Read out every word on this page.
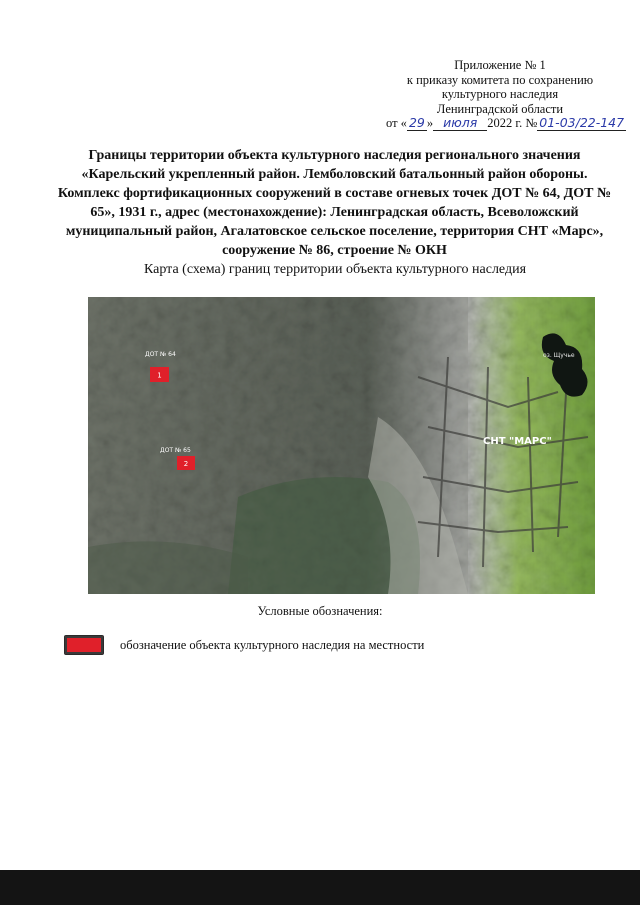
Приложение № 1
к приказу комитета по сохранению
культурного наследия
Ленинградской области
от « 29 » июля 2022 г. № 01-03/22-147
Границы территории объекта культурного наследия регионального значения «Карельский укрепленный район. Лемболовский батальонный район обороны. Комплекс фортификационных сооружений в составе огневых точек ДОТ № 64, ДОТ № 65», 1931 г., адрес (местонахождение): Ленинградская область, Всеволожский муниципальный район, Агалатовское сельское поселение, территория СНТ «Марс», сооружение № 86, строение № ОКН
Карта (схема) границ территории объекта культурного наследия
оз. Щучье
СНТ "МАРС"
ДОТ № 64
1
ДОТ № 65
2
Условные обозначения:
обозначение объекта культурного наследия на местности
